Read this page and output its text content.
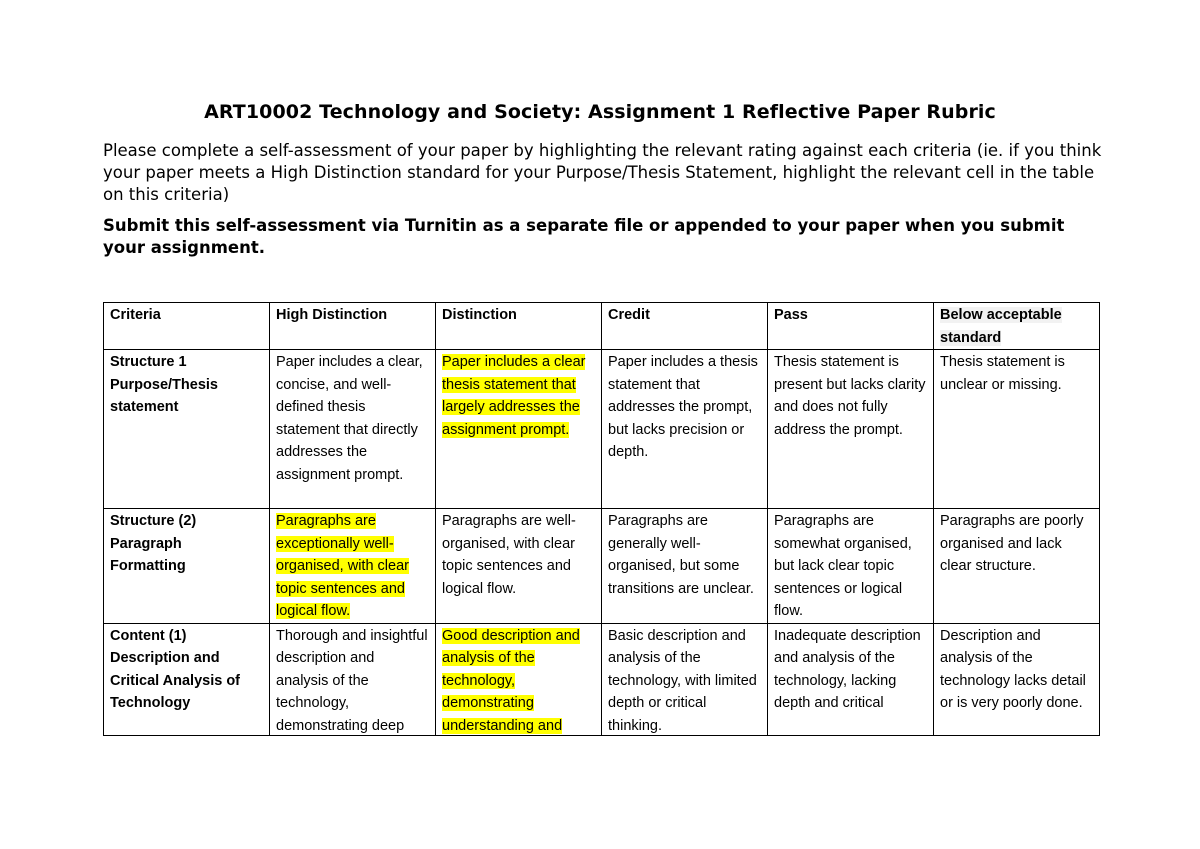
ART10002 Technology and Society: Assignment 1 Reflective Paper Rubric

Please complete a self-assessment of your paper by highlighting the relevant rating against each criteria (ie. if you think your paper meets a High Distinction standard for your Purpose/Thesis Statement, highlight the relevant cell in the table on this criteria)

Submit this self-assessment via Turnitin as a separate file or appended to your paper when you submit your assignment.

Criteria	High Distinction	Distinction	Credit	Pass	Below acceptable standard

Structure 1
Purpose/Thesis
statement	Paper includes a clear, concise, and well-defined thesis statement that directly addresses the assignment prompt.	Paper includes a clear thesis statement that largely addresses the assignment prompt.	Paper includes a thesis statement that addresses the prompt, but lacks precision or depth.	Thesis statement is present but lacks clarity and does not fully address the prompt.	Thesis statement is unclear or missing.

Structure (2)
Paragraph
Formatting	Paragraphs are exceptionally well-organised, with clear topic sentences and logical flow.	Paragraphs are well-organised, with clear topic sentences and logical flow.	Paragraphs are generally well-organised, but some transitions are unclear.	Paragraphs are somewhat organised, but lack clear topic sentences or logical flow.	Paragraphs are poorly organised and lack clear structure.

Content (1)
Description and
Critical Analysis of
Technology	Thorough and insightful description and analysis of the technology, demonstrating deep	Good description and analysis of the technology, demonstrating understanding and	Basic description and analysis of the technology, with limited depth or critical thinking.	Inadequate description and analysis of the technology, lacking depth and critical	Description and analysis of the technology lacks detail or is very poorly done.
